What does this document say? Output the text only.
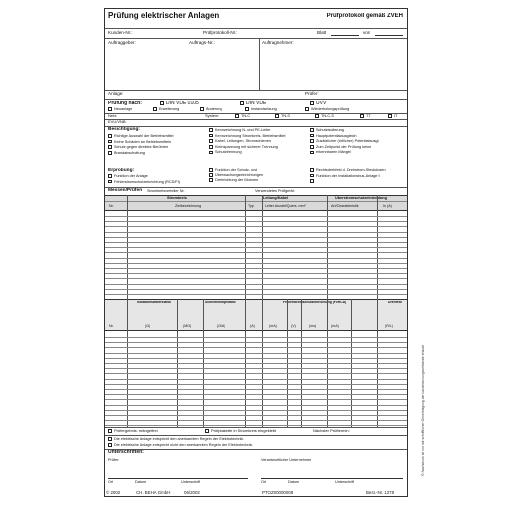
Prüfung elektrischer Anlagen	Prüfprotokoll gemäß ZVEH
Kunden-Nr.:	Prüfprotokoll-Nr.:	Blatt	von
Auftraggeber:	Auftrags-Nr.:	Auftragnehmer:
Anlage:	Prüfer:
Prüfung nach:	DIN VDE 0105	DIN VDE	UVV
Neuanlage	Erweiterung	Änderung	Instandsetzung	Wiederholungsprüfung
Netz:	System:	TN-C	TN-S	TN-C-S	TT	IT
EVU/VNB:
Besichtigung:
Richtige Auswahl der Betriebsmittel
Keine Schäden an Betriebsmitteln
Schutz gegen direktes Berühren
Brandabschottung
Kennzeichnung N- und PE-Leiter
Kennzeichnung Stromkreis, Betriebsmittel
Kabel, Leitungen, Stromschienen
Kleinspannung mit sicherer Trennung
Schutztrennung
Schutzisolierung
Hauptpotentialausgleich
Zusätzlicher (örtlicher) Potentialausgl.
Zum Zeitpunkt der Prüfung keine
erkennbaren Mängel
Erprobung:
Funktion der Anlage
Fehlerstromschutzeinrichtung (RCD/FI)
Funktion der Schutz- und
Überwachungseinrichtungen
Drehrichtung der Motoren
Rechtsdrehfeld d. Drehstrom-Steckdosen
Funktion der Installationsbus-Anlage f.
Messen/Prüfen Stromkreisverteiler Nr.	Verwendetes Prüfgerät:
Stromkreis	Leitung/Kabel	Überstromschutzeinrichtung
Nr.	Zielbezeichnung	Typ	Leiter Anzahl/Quers. mm²	Art/Charakteristik	In (A)
Isolationswiderstand	Schleifenimpedanz	Fehlerstromschutzeinrichtung (FI/RCD)	Drehfeld
(Ω)	(MΩ)	(Ω/A)	(A)	(mA)	(V)	(ms)	(mA)	(R/L)
Nr.
Prüfergebnis: mängelfrei	Prüfplakette in Stromkreis eingeklebt	Nächster Prüftermin:
Die elektrische Anlage entspricht den anerkannten Regeln der Elektrotechnik.
Die elektrische Anlage entspricht nicht den anerkannten Regeln der Elektrotechnik.
Unterschriften:
Prüfer:	Verantwortlicher Unternehmer
Ort	Datum	Unterschrift	Ort	Datum	Unterschrift
© Nachdruck ist nur mit schriftlicher Genehmigung der Landesinnungsverbände erlaubt
© 2002	CH. BEHA GmbH	06/2002	PTOZ00000008	Best.-Nr. 1278
